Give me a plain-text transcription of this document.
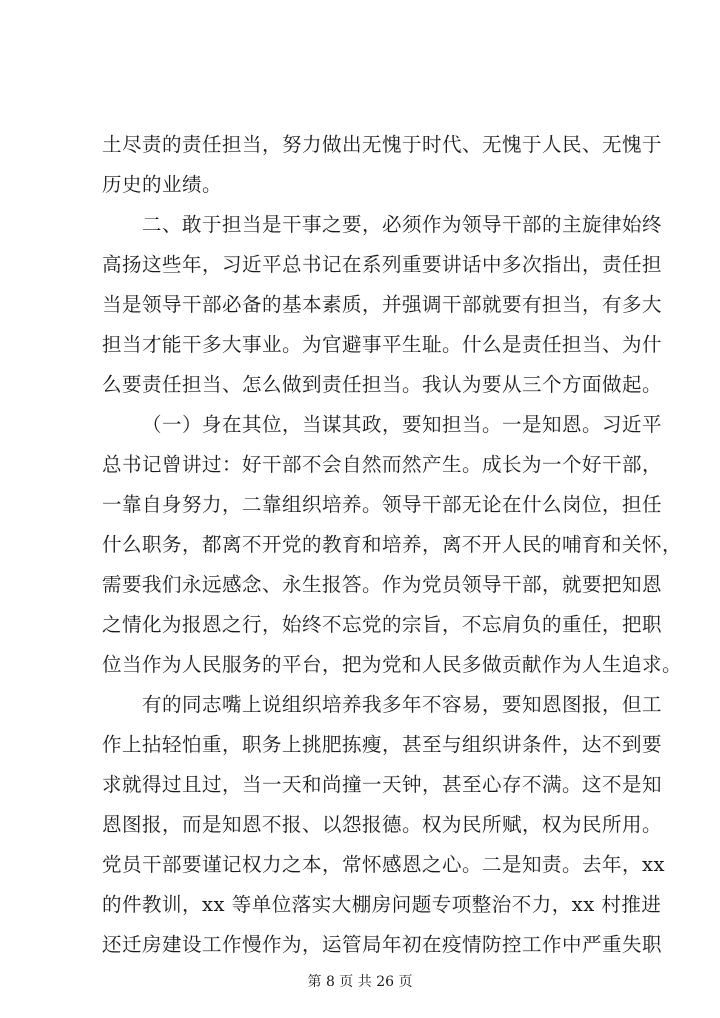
土尽责的责任担当，努力做出无愧于时代、无愧于人民、无愧于
历史的业绩。
二、敢于担当是干事之要，必须作为领导干部的主旋律始终
高扬这些年，习近平总书记在系列重要讲话中多次指出，责任担
当是领导干部必备的基本素质，并强调干部就要有担当，有多大
担当才能干多大事业。为官避事平生耻。什么是责任担当、为什
么要责任担当、怎么做到责任担当。我认为要从三个方面做起。
（一）身在其位，当谋其政，要知担当。一是知恩。习近平
总书记曾讲过：好干部不会自然而然产生。成长为一个好干部，
一靠自身努力，二靠组织培养。领导干部无论在什么岗位，担任
什么职务，都离不开党的教育和培养，离不开人民的哺育和关怀，
需要我们永远感念、永生报答。作为党员领导干部，就要把知恩
之情化为报恩之行，始终不忘党的宗旨，不忘肩负的重任，把职
位当作为人民服务的平台，把为党和人民多做贡献作为人生追求。
有的同志嘴上说组织培养我多年不容易，要知恩图报，但工
作上拈轻怕重，职务上挑肥拣瘦，甚至与组织讲条件，达不到要
求就得过且过，当一天和尚撞一天钟，甚至心存不满。这不是知
恩图报，而是知恩不报、以怨报德。权为民所赋，权为民所用。
党员干部要谨记权力之本，常怀感恩之心。二是知责。去年，xx
的件教训，xx 等单位落实大棚房问题专项整治不力，xx 村推进
还迁房建设工作慢作为，运管局年初在疫情防控工作中严重失职
第 8 页 共 26 页
